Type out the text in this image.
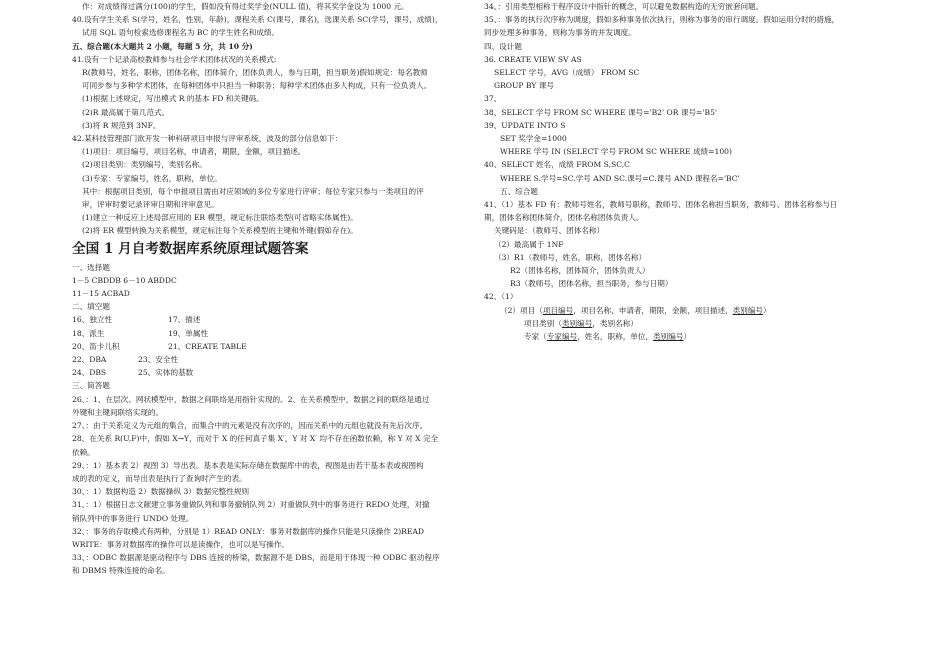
作：对成绩得过满分(100)的学生，假如没有得过奖学金(NULL 值)，将其奖学金设为 1000 元。
40.设有学生关系 S(学号，姓名，性别，年龄)，课程关系 C(课号，课名)，选课关系 SC(学号，课号，成绩)，
试用 SQL 语句检索选修课程名为 BC 的学生姓名和成绩。
五、综合题(本大题共 2 小题，每题 5 分，共 10 分)
41.设有一个记录高校教师参与社会学术团体状况的关系模式:
R(教师号，姓名，职称，团体名称，团体简介，团体负责人，参与日期，担当职务)假如规定：每名教师
可同步参与多种学术团体，在每种团体中只担当一种职务；每种学术团体由多人构成，只有一位负责人。
(1)根据上述规定，写出模式 R 的基本 FD 和关键码。
(2)R 最高属于第几范式。
(3)将 R 规范到 3NF。
42.某科技管理部门欲开发一种科研项目申报与评审系统，波及的部分信息如下：
(1)项目：项目编号，项目名称，申请者，期限，金额，项目描述。
(2)项目类别：类别编号，类别名称。
(3)专家：专家编号，姓名，职称，单位。
其中：根据项目类别，每个申报项目需由对应领域的多位专家进行评审；每位专家只参与一类项目的评
审，评审时要记录评审日期和评审意见。
(1)建立一种反应上述局部应用的 ER 模型，规定标注联络类型(可省略实体属性)。
(2)将 ER 模型转换为关系模型，规定标注每个关系模型的主键和外键(假如存在)。
全国 1 月自考数据库系统原理试题答案
一、选择题
1－5 CBDDB 6－10 ABDDC
11－15 ACBAD
二、填空题
16、独立性	17、描述
18、派生	19、单属性
20、笛卡儿积	21、CREATE TABLE
22、DBA	23、安全性
24、DBS	25、实体的基数
三、简答题
26、：1、在层次、网状模型中，数据之间联络是用指针实现的。2、在关系模型中，数据之间的联络是通过
外键和主键间联络实现的。
27、：由于关系定义为元组的集合，而集合中的元素是没有次序的，因而关系中的元组也就没有先后次序。
28、在关系 R(U,F)中，假如 X→Y，而对于 X 的任何真子集 X′，Y 对 X′ 均不存在函数依赖，称 Y 对 X 完全
依赖。
29、：1）基本表 2）视图 3）导出表。基本表是实际存储在数据库中的表，视图是由若干基本表或视图构
成的表的定义，而导出表是执行了查询时产生的表。
30、：1）数据构造 2）数据操纵 3）数据完整性规则
31、：1）根据日志文献建立事务重做队列和事务撤销队列 2）对重做队列中的事务进行 REDO 处理，对撤
销队列中的事务进行 UNDO 处理。
32、：事务的存取模式有两种，分别是 1）READ ONLY：事务对数据库的操作只能是只读操作 2)READ
WRITE：事务对数据库的操作可以是读操作，也可以是写操作。
33、：ODBC 数据源是驱动程序与 DBS 连接的桥梁，数据源不是 DBS，而是用于体现一种 ODBC 驱动程序
和 DBMS 特殊连接的命名。
34、：引用类型相称于程序设计中指针的概念，可以避免数据构造的无穷嵌套问题。
35、：事务的执行次序称为调度，假如多种事务依次执行，则称为事务的串行调度。假如运用分时的措施，
同步处理多种事务，则称为事务的并发调度。
四、设计题
36. CREATE VIEW SV AS
SELECT 学号，AVG（成绩） FROM SC
GROUP BY 课号
37、
38、SELECT 学号 FROM SC WHERE 课号='B2' OR 课号='B5'
39、UPDATE INTO S
SET 奖学金=1000
WHERE 学号 IN (SELECT 学号 FROM SC WHERE 成绩=100)
40、SELECT 姓名，成绩 FROM S,SC,C
WHERE S.学号=SC.学号 AND SC.课号=C.课号 AND 课程名='BC'
五、综合题
41、（1）基本 FD 有：教师号姓名，教师号职称，教师号、团体名称担当职务，教师号、团体名称参与日
期，团体名称团体简介，团体名称团体负责人。
关键码是：（教师号、团体名称）
（2）最高属于 1NF
（3）R1（教师号，姓名，职称，团体名称）
R2（团体名称，团体简介，团体负责人）
R3（教师号，团体名称，担当职务，参与日期）
42、（1）
（2）项目（项目编号，项目名称，申请者，期限，金额，项目描述，类别编号）
项目类别（类别编号，类别名称）
专家（专家编号，姓名，职称，单位，类别编号）
